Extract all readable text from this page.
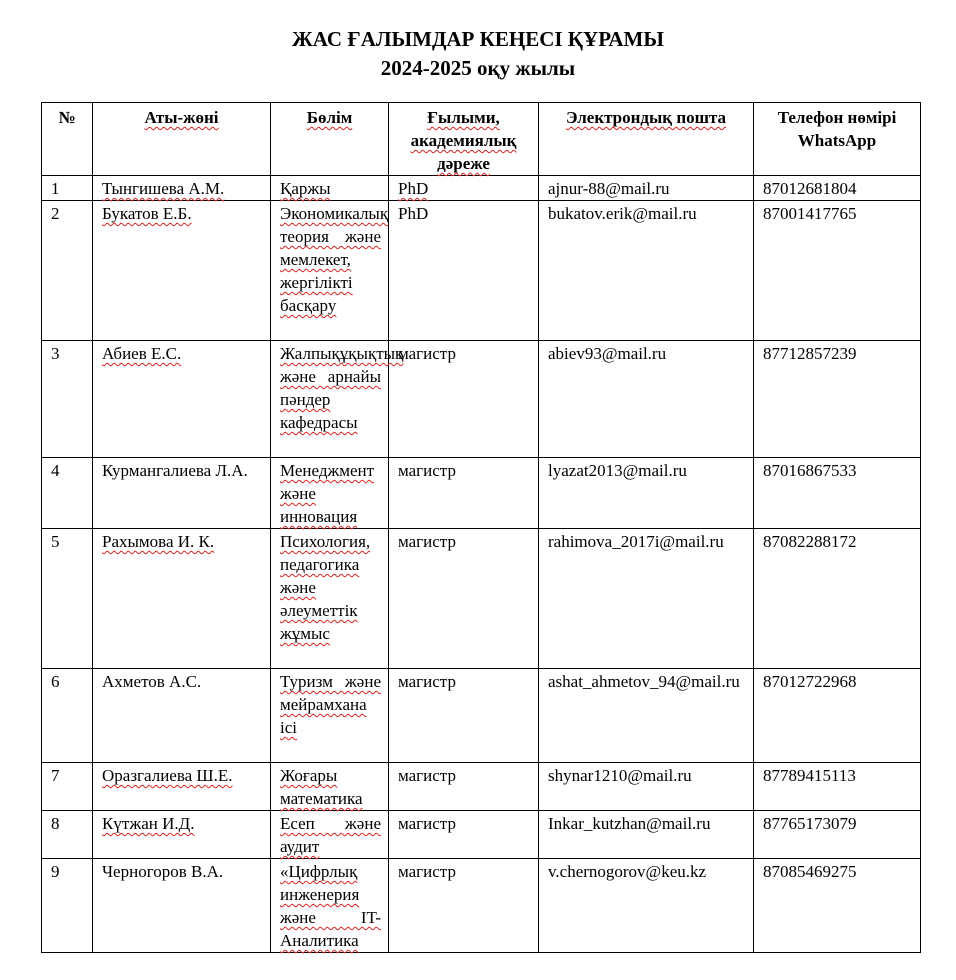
ЖАС ҒАЛЫМДАР КЕҢЕСІ ҚҰРАМЫ
2024-2025 оқу жылы
№	Аты-жөні	Бөлім	Ғылыми, академиялық дәреже	Электрондық пошта	Телефон нөмірі WhatsApp
1	Тынгишева А.М.	Қаржы	PhD	ajnur-88@mail.ru	87012681804
2	Букатов Е.Б.	Экономикалық теория және мемлекет, жергілікті басқару	PhD	bukatov.erik@mail.ru	87001417765
3	Абиев Е.С.	Жалпықұқықтық және арнайы пәндер кафедрасы	магистр	abiev93@mail.ru	87712857239
4	Курмангалиева Л.А.	Менеджмент және инновация	магистр	lyazat2013@mail.ru	87016867533
5	Рахымова И. К.	Психология, педагогика және әлеуметтік жұмыс	магистр	rahimova_2017i@mail.ru	87082288172
6	Ахметов А.С.	Туризм және мейрамхана ісі	магистр	ashat_ahmetov_94@mail.ru	87012722968
7	Оразгалиева Ш.Е.	Жоғары математика	магистр	shynar1210@mail.ru	87789415113
8	Күтжан И.Д.	Есеп және аудит	магистр	Inkar_kutzhan@mail.ru	87765173079
9	Черногоров В.А.	«Цифрлық инженерия және IT-Аналитика	магистр	v.chernogorov@keu.kz	87085469275
